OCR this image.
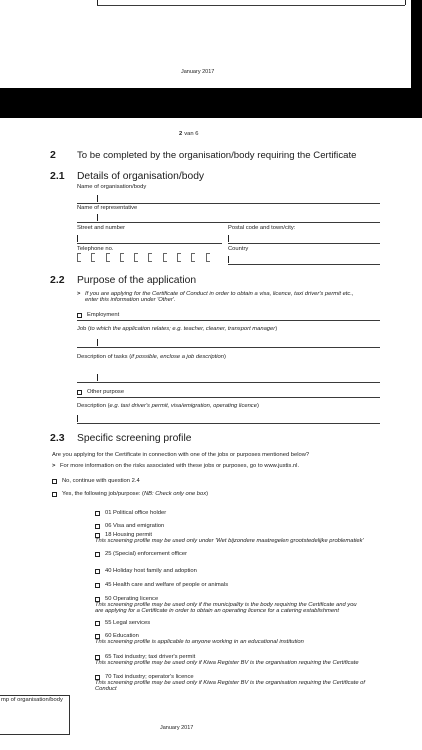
January 2017
2 van 6
2 To be completed by the organisation/body requiring the Certificate
2.1 Details of organisation/body
Name of organisation/body
Name of representative
Street and number	Postal code and town/city:
Telephone no.	Country
2.2 Purpose of the application
> If you are applying for the Certificate of Conduct in order to obtain a visa, licence, taxi driver's permit etc.,
enter this information under 'Other'.
Employment
Job (to which the application relates; e.g. teacher, cleaner, transport manager)
Description of tasks (if possible, enclose a job description)
Other purpose
Description (e.g. taxi driver's permit, visa/emigration, operating licence)
2.3 Specific screening profile
Are you applying for the Certificate in connection with one of the jobs or purposes mentioned below?
> For more information on the risks associated with these jobs or purposes, go to www.justis.nl.
No, continue with question 2.4
Yes, the following job/purpose: ( NB: Check only one box )
01 Political office holder
06 Visa and emigration
18 Housing permit
This screening profile may be used only under 'Wet bijzondere maatregelen grootstedelijke problematiek'
25 (Special) enforcement officer
40 Holiday host family and adoption
45 Health care and welfare of people or animals
50 Operating licence
This screening profile may be used only if the municipality is the body requiring the Certificate and you
are applying for a Certificate in order to obtain an operating licence for a catering establishment
55 Legal services
60 Education
This screening profile is applicable to anyone working in an educational institution
65 Taxi industry; taxi driver's permit
This screening profile may be used only if Kiwa Register BV is the organisation requiring the Certificate
70 Taxi industry; operator's licence
This screening profile may be used only if Kiwa Register BV is the organisation requiring the Certificate of
Conduct
mp of organisation/body
January 2017
